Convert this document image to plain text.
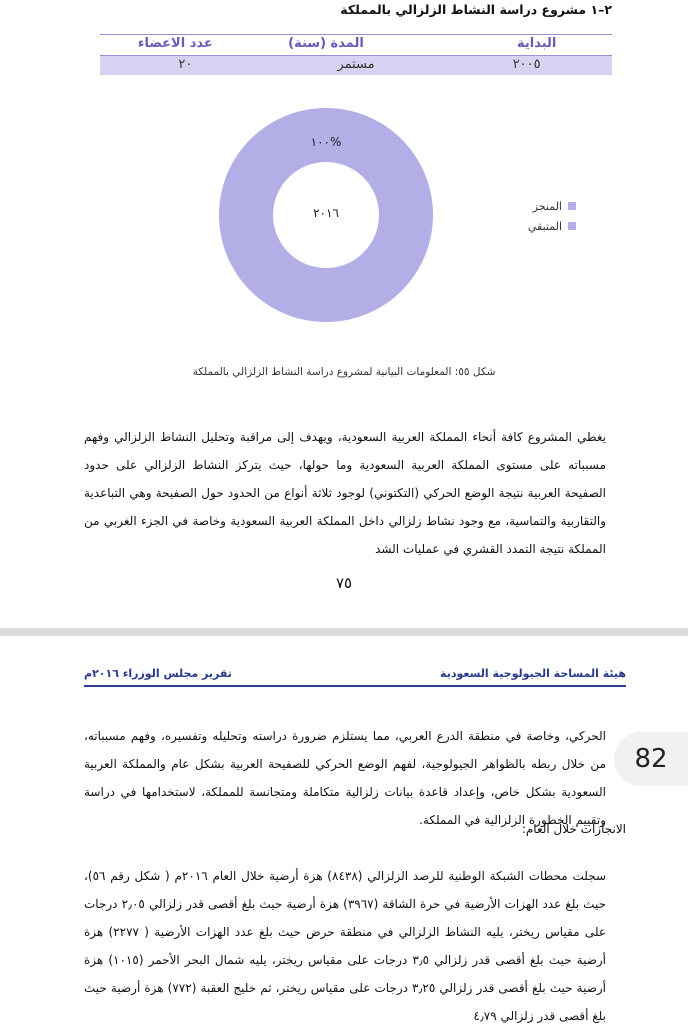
٢–١ مشروع دراسة النشاط الزلزالي بالمملكة
البداية
المدة (سنة)
عدد الاعضاء
٢٠٠٥
مستمر
٢٠
١٠٠%
٢٠١٦	المنجز
المتبقي
شكل ٥٥: المعلومات البيانية لمشروع دراسة النشاط الزلزالي بالمملكة
يغطي المشروع كافة أنحاء المملكة العربية السعودية، ويهدف إلى مراقبة وتحليل النشاط الزلزالي وفهم مسبباته على مستوى المملكة العربية السعودية وما حولها، حيث يتركز النشاط الزلزالي على حدود الصفيحة العربية نتيجة الوضع الحركي (التكتوني) لوجود ثلاثة أنواع من الحدود حول الصفيحة وهي التباعدية والتقاربية والتماسية، مع وجود نشاط زلزالي داخل المملكة العربية السعودية وخاصة في الجزء الغربي من المملكة نتيجة التمدد القشري في عمليات الشد
٧٥
هيئة المساحة الجيولوجية السعودية
تقرير مجلس الوزراء ٢٠١٦م
الحركي، وخاصة في منطقة الدرع العربي، مما يستلزم ضرورة دراسته وتحليله وتفسيره، وفهم مسبباته، من خلال ربطه بالظواهر الجيولوجية، لفهم الوضع الحركي للصفيحة العربية بشكل عام والمملكة العربية السعودية بشكل خاص، وإعداد قاعدة بيانات زلزالية متكاملة ومتجانسة للمملكة، لاستخدامها في دراسة وتقييم الخطورة الزلزالية في المملكة.
الانجازات خلال العام:
سجلت محطات الشبكة الوطنية للرصد الزلزالي (٨٤٣٨) هزة أرضية خلال العام ٢٠١٦م ( شكل رقم ٥٦)، حيث بلغ عدد الهزات الأرضية في حرة الشاقة (٣٩٦٧) هزة أرضية حيث بلغ أقصى قدر زلزالي ٢٫٠٥ درجات على مقياس ريختر، يليه النشاط الزلزالي في منطقة حرض حيث بلغ عدد الهزات الأرضية ( ٢٢٧٧) هزة أرضية حيث بلغ أقصى قدر زلزالي ٣٫٥ درجات على مقياس ريختر، يليه شمال البحر الأحمر (١٠١٥) هزة أرضية حيث بلغ أقصى قدر زلزالي ٣٫٢٥ درجات على مقياس ريختر، ثم خليج العقبة (٧٧٢) هزة أرضية حيث بلغ أقصى قدر زلزالي ٤٫٧٩
82
